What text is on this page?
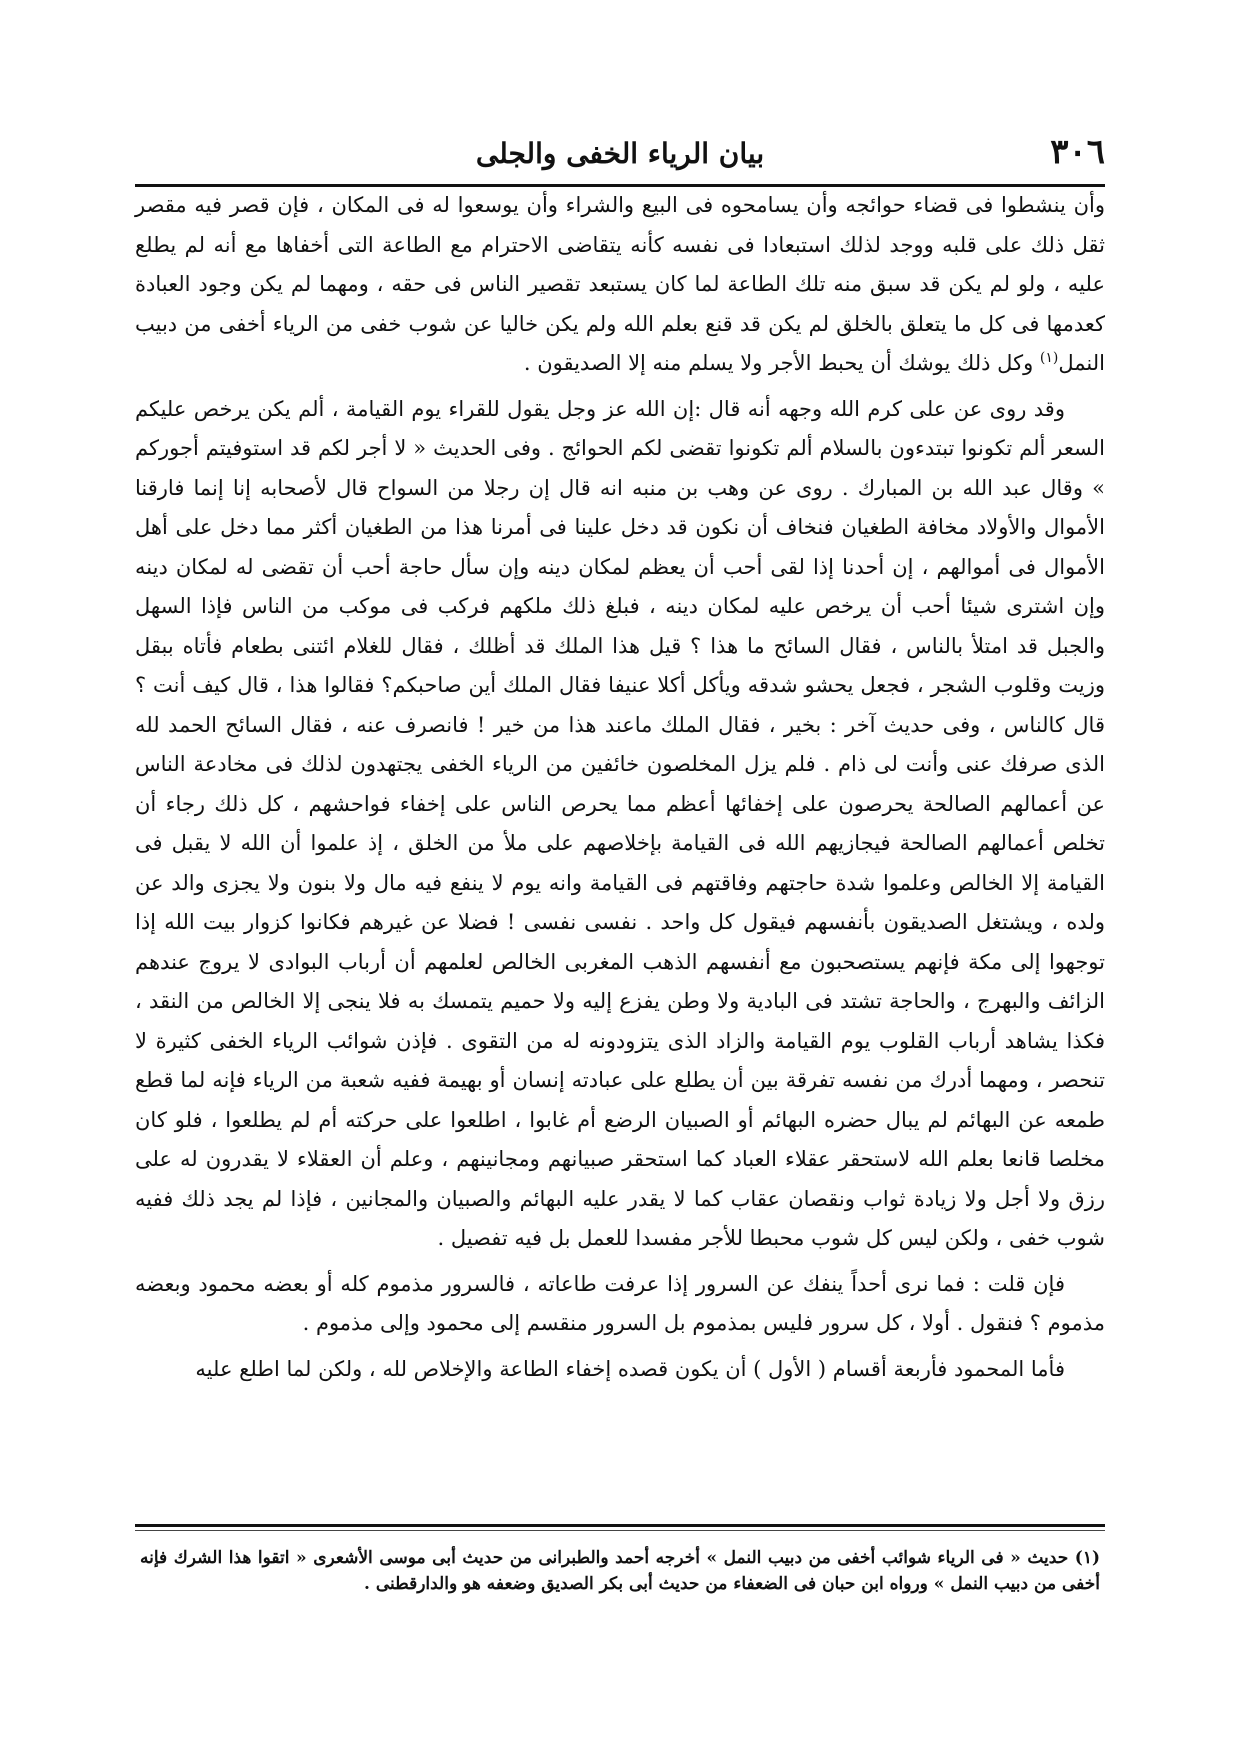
٣٠٦
بيان الرياء الخفى والجلى

وأن ينشطوا فى قضاء حوائجه وأن يسامحوه فى البيع والشراء وأن يوسعوا له فى المكان ، فإن قصر فيه مقصر ثقل ذلك على قلبه ووجد لذلك استبعادا فى نفسه كأنه يتقاضى الاحترام مع الطاعة التى أخفاها مع أنه لم يطلع عليه ، ولو لم يكن قد سبق منه تلك الطاعة لما كان يستبعد تقصير الناس فى حقه ، ومهما لم يكن وجود العبادة كعدمها فى كل ما يتعلق بالخلق لم يكن قد قنع بعلم الله ولم يكن خاليا عن شوب خفى من الرياء أخفى من دبيب النمل$^{(١)}$ وكل ذلك يوشك أن يحبط الأجر ولا يسلم منه إلا الصديقون .

وقد روى عن على كرم الله وجهه أنه قال :إن الله عز وجل يقول للقراء يوم القيامة ، ألم يكن يرخص عليكم السعر ألم تكونوا تبتدءون بالسلام ألم تكونوا تقضى لكم الحوائج . وفى الحديث « لا أجر لكم قد استوفيتم أجوركم » وقال عبد الله بن المبارك . روى عن وهب بن منبه انه قال إن رجلا من السواح قال لأصحابه إنا إنما فارقنا الأموال والأولاد مخافة الطغيان فنخاف أن نكون قد دخل علينا فى أمرنا هذا من الطغيان أكثر مما دخل على أهل الأموال فى أموالهم ، إن أحدنا إذا لقى أحب أن يعظم لمكان دينه وإن سأل حاجة أحب أن تقضى له لمكان دينه وإن اشترى شيئا أحب أن يرخص عليه لمكان دينه ، فبلغ ذلك ملكهم فركب فى موكب من الناس فإذا السهل والجبل قد امتلأ بالناس ، فقال السائح ما هذا ؟ قيل هذا الملك قد أظلك ، فقال للغلام ائتنى بطعام فأتاه ببقل وزيت وقلوب الشجر ، فجعل يحشو شدقه ويأكل أكلا عنيفا فقال الملك أين صاحبكم؟ فقالوا هذا ، قال كيف أنت ؟ قال كالناس ، وفى حديث آخر : بخير ، فقال الملك ماعند هذا من خير ! فانصرف عنه ، فقال السائح الحمد لله الذى صرفك عنى وأنت لى ذام . فلم يزل المخلصون خائفين من الرياء الخفى يجتهدون لذلك فى مخادعة الناس عن أعمالهم الصالحة يحرصون على إخفائها أعظم مما يحرص الناس على إخفاء فواحشهم ، كل ذلك رجاء أن تخلص أعمالهم الصالحة فيجازيهم الله فى القيامة بإخلاصهم على ملأ من الخلق ، إذ علموا أن الله لا يقبل فى القيامة إلا الخالص وعلموا شدة حاجتهم وفاقتهم فى القيامة وانه يوم لا ينفع فيه مال ولا بنون ولا يجزى والد عن ولده ، ويشتغل الصديقون بأنفسهم فيقول كل واحد . نفسى نفسى ! فضلا عن غيرهم فكانوا كزوار بيت الله إذا توجهوا إلى مكة فإنهم يستصحبون مع أنفسهم الذهب المغربى الخالص لعلمهم أن أرباب البوادى لا يروج عندهم الزائف والبهرج ، والحاجة تشتد فى البادية ولا وطن يفزع إليه ولا حميم يتمسك به فلا ينجى إلا الخالص من النقد ، فكذا يشاهد أرباب القلوب يوم القيامة والزاد الذى يتزودونه له من التقوى . فإذن شوائب الرياء الخفى كثيرة لا تنحصر ، ومهما أدرك من نفسه تفرقة بين أن يطلع على عبادته إنسان أو بهيمة ففيه شعبة من الرياء فإنه لما قطع طمعه عن البهائم لم يبال حضره البهائم أو الصبيان الرضع أم غابوا ، اطلعوا على حركته أم لم يطلعوا ، فلو كان مخلصا قانعا بعلم الله لاستحقر عقلاء العباد كما استحقر صبيانهم ومجانينهم ، وعلم أن العقلاء لا يقدرون له على رزق ولا أجل ولا زيادة ثواب ونقصان عقاب كما لا يقدر عليه البهائم والصبيان والمجانين ، فإذا لم يجد ذلك ففيه شوب خفى ، ولكن ليس كل شوب محبطا للأجر مفسدا للعمل بل فيه تفصيل .

فإن قلت : فما نرى أحداً ينفك عن السرور إذا عرفت طاعاته ، فالسرور مذموم كله أو بعضه محمود وبعضه مذموم ؟ فنقول . أولا ، كل سرور فليس بمذموم بل السرور منقسم إلى محمود وإلى مذموم .

فأما المحمود فأربعة أقسام ( الأول ) أن يكون قصده إخفاء الطاعة والإخلاص لله ، ولكن لما اطلع عليه

(١) حديث « فى الرياء شوائب أخفى من دبيب النمل » أخرجه أحمد والطبرانى من حديث أبى موسى الأشعرى « اتقوا هذا الشرك فإنه أخفى من دبيب النمل » ورواه ابن حبان فى الضعفاء من حديث أبى بكر الصديق وضعفه هو والدارقطنى .
